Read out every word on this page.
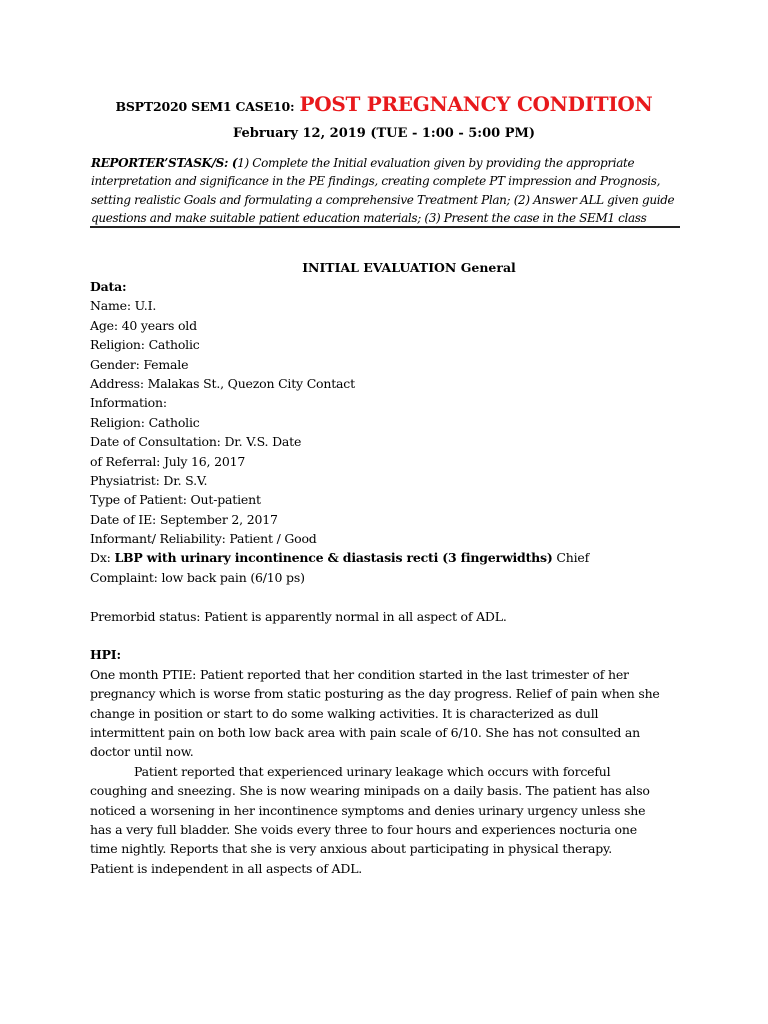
BSPT2020 SEM1 CASE10: POST PREGNANCY CONDITION
February 12, 2019 (TUE - 1:00 - 5:00 PM)
REPORTER’STASK/S: (1) Complete the Initial evaluation given by providing the appropriate
interpretation and significance in the PE findings, creating complete PT impression and Prognosis,
setting realistic Goals and formulating a comprehensive Treatment Plan; (2) Answer ALL given guide
questions and make suitable patient education materials; (3) Present the case in the SEM1 class
INITIAL EVALUATION General
Data:
Name: U.I.
Age: 40 years old
Religion: Catholic
Gender: Female
Address: Malakas St., Quezon City Contact
Information:
Religion: Catholic
Date of Consultation: Dr. V.S. Date
of Referral: July 16, 2017
Physiatrist: Dr. S.V.
Type of Patient: Out-patient
Date of IE: September 2, 2017
Informant/ Reliability: Patient / Good
Dx: LBP with urinary incontinence & diastasis recti (3 fingerwidths) Chief
Complaint: low back pain (6/10 ps)
Premorbid status: Patient is apparently normal in all aspect of ADL.
HPI:
One month PTIE: Patient reported that her condition started in the last trimester of her
pregnancy which is worse from static posturing as the day progress. Relief of pain when she
change in position or start to do some walking activities. It is characterized as dull
intermittent pain on both low back area with pain scale of 6/10. She has not consulted an
doctor until now.
Patient reported that experienced urinary leakage which occurs with forceful
coughing and sneezing. She is now wearing minipads on a daily basis. The patient has also
noticed a worsening in her incontinence symptoms and denies urinary urgency unless she
has a very full bladder. She voids every three to four hours and experiences nocturia one
time nightly. Reports that she is very anxious about participating in physical therapy.
Patient is independent in all aspects of ADL.
